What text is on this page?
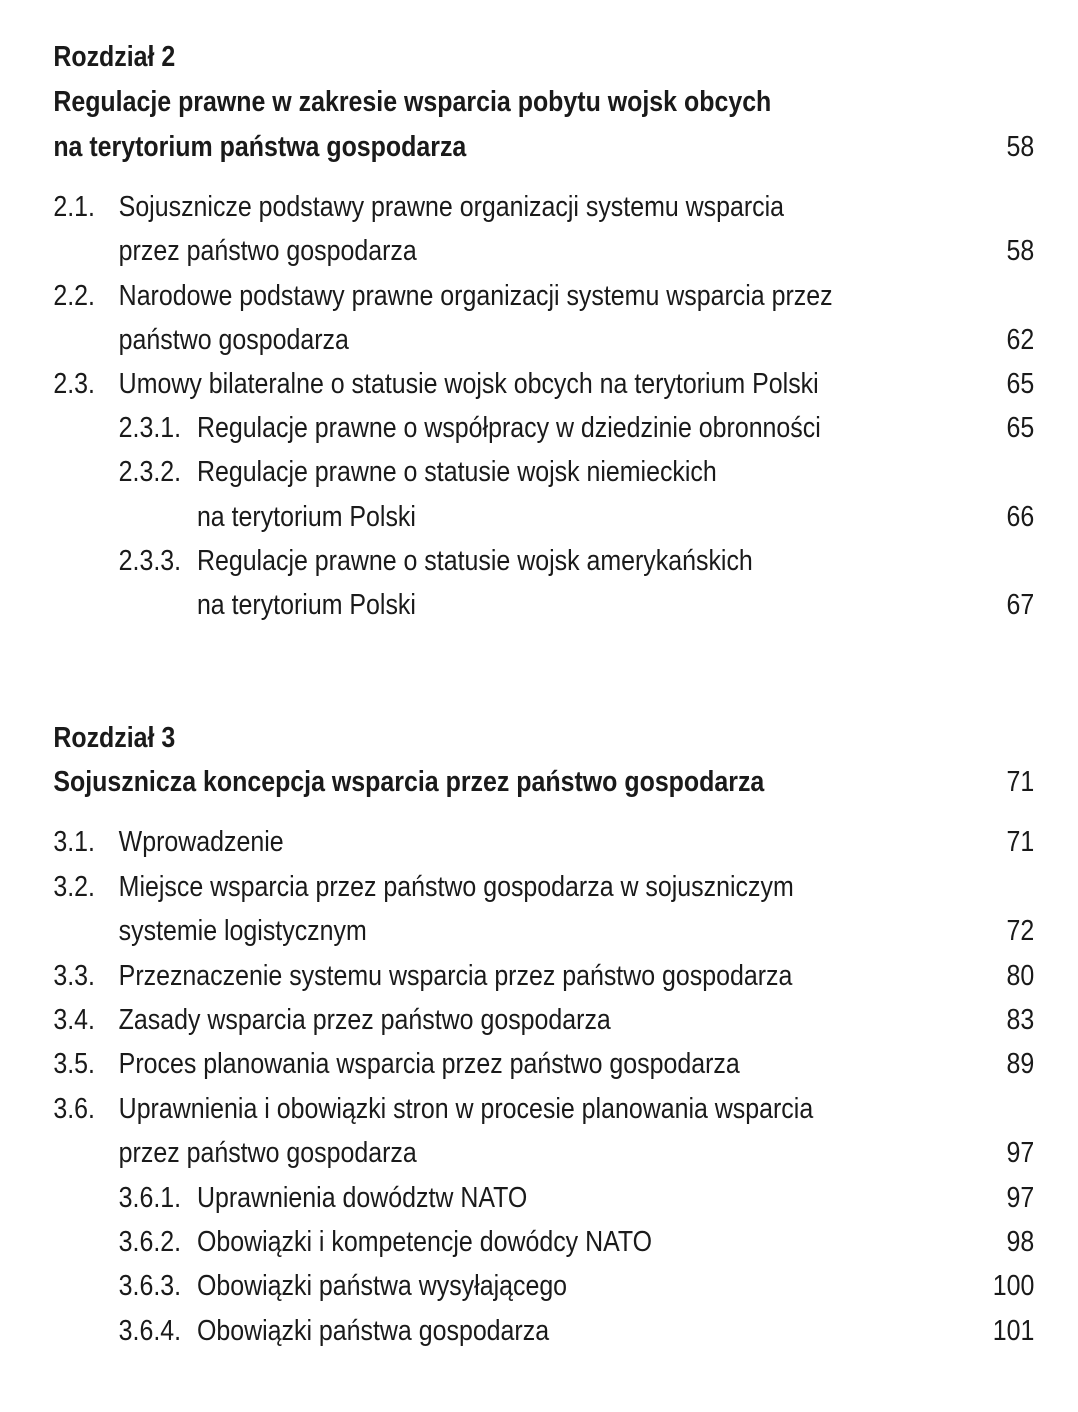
Rozdział 2
Regulacje prawne w zakresie wsparcia pobytu wojsk obcych
na terytorium państwa gospodarza	58
2.1. Sojusznicze podstawy prawne organizacji systemu wsparcia
przez państwo gospodarza	58
2.2. Narodowe podstawy prawne organizacji systemu wsparcia przez
państwo gospodarza	62
2.3. Umowy bilateralne o statusie wojsk obcych na terytorium Polski	65
2.3.1. Regulacje prawne o współpracy w dziedzinie obronności	65
2.3.2. Regulacje prawne o statusie wojsk niemieckich
na terytorium Polski	66
2.3.3. Regulacje prawne o statusie wojsk amerykańskich
na terytorium Polski	67
Rozdział 3
Sojusznicza koncepcja wsparcia przez państwo gospodarza	71
3.1. Wprowadzenie	71
3.2. Miejsce wsparcia przez państwo gospodarza w sojuszniczym
systemie logistycznym	72
3.3. Przeznaczenie systemu wsparcia przez państwo gospodarza	80
3.4. Zasady wsparcia przez państwo gospodarza	83
3.5. Proces planowania wsparcia przez państwo gospodarza	89
3.6. Uprawnienia i obowiązki stron w procesie planowania wsparcia
przez państwo gospodarza	97
3.6.1. Uprawnienia dowództw NATO	97
3.6.2. Obowiązki i kompetencje dowódcy NATO	98
3.6.3. Obowiązki państwa wysyłającego	100
3.6.4. Obowiązki państwa gospodarza	101
